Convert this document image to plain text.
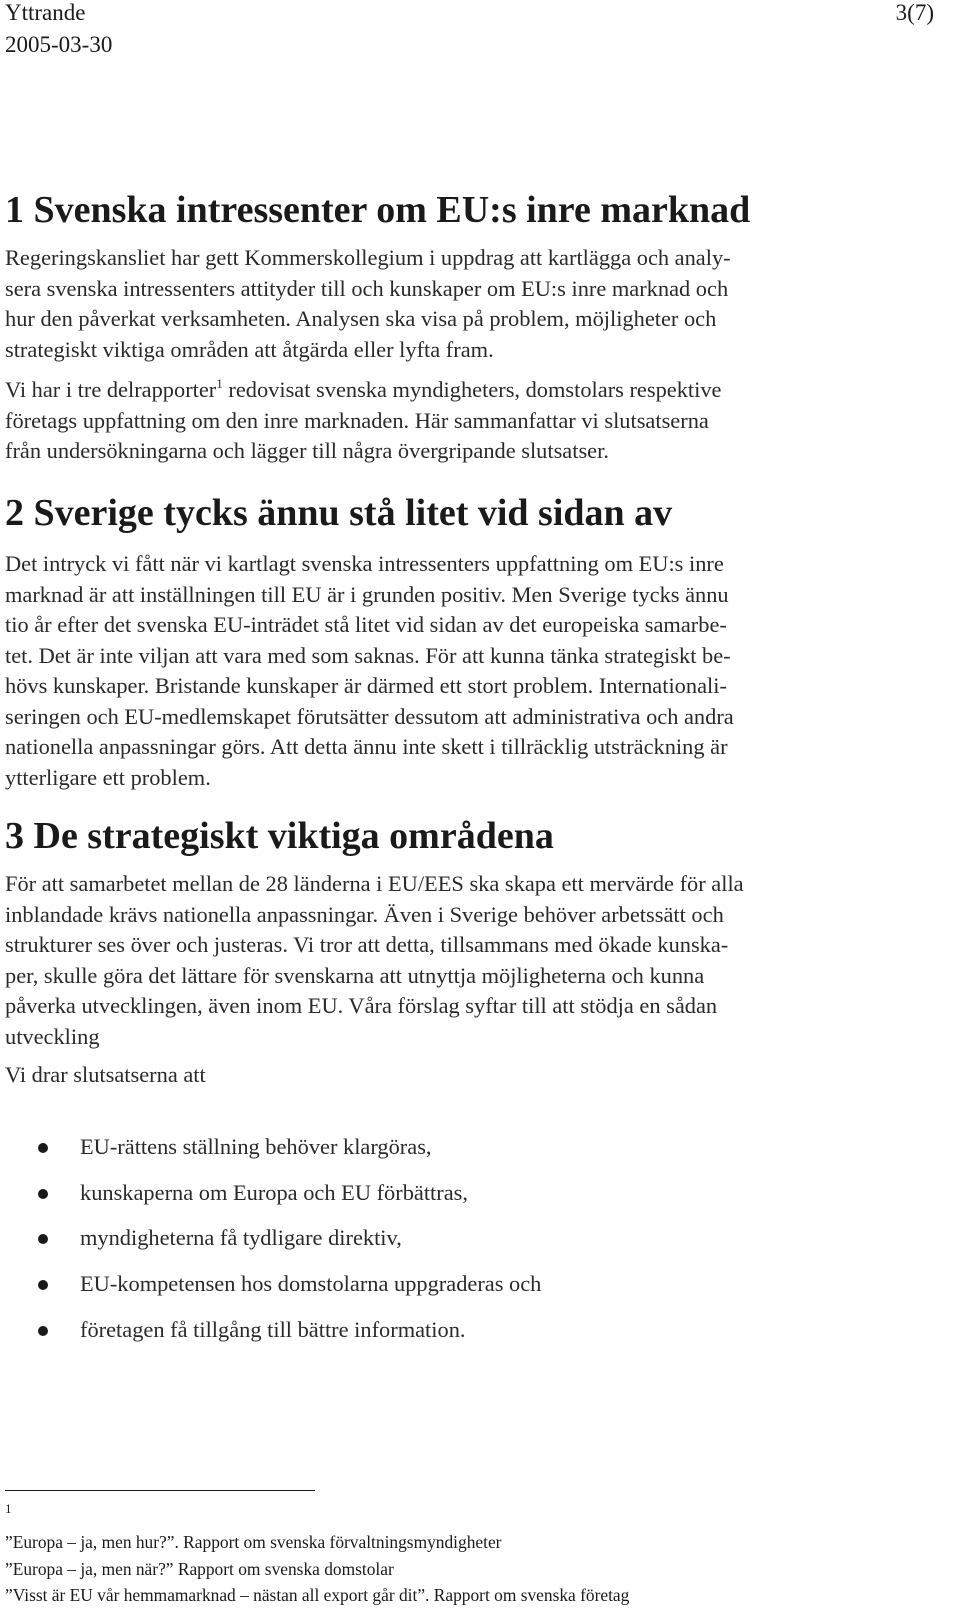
Yttrande
2005-03-30
3(7)
1 Svenska intressenter om EU:s inre marknad

Regeringskansliet har gett Kommerskollegium i uppdrag att kartlägga och analy-
sera svenska intressenters attityder till och kunskaper om EU:s inre marknad och
hur den påverkat verksamheten. Analysen ska visa på problem, möjligheter och
strategiskt viktiga områden att åtgärda eller lyfta fram.

Vi har i tre delrapporter$^1$ redovisat svenska myndigheters, domstolars respektive
företags uppfattning om den inre marknaden. Här sammanfattar vi slutsatserna
från undersökningarna och lägger till några övergripande slutsatser.

2 Sverige tycks ännu stå litet vid sidan av

Det intryck vi fått när vi kartlagt svenska intressenters uppfattning om EU:s inre
marknad är att inställningen till EU är i grunden positiv. Men Sverige tycks ännu
tio år efter det svenska EU-inträdet stå litet vid sidan av det europeiska samarbe-
tet. Det är inte viljan att vara med som saknas. För att kunna tänka strategiskt be-
hövs kunskaper. Bristande kunskaper är därmed ett stort problem. Internationali-
seringen och EU-medlemskapet förutsätter dessutom att administrativa och andra
nationella anpassningar görs. Att detta ännu inte skett i tillräcklig utsträckning är
ytterligare ett problem.

3 De strategiskt viktiga områdena

För att samarbetet mellan de 28 länderna i EU/EES ska skapa ett mervärde för alla
inblandade krävs nationella anpassningar. Även i Sverige behöver arbetssätt och
strukturer ses över och justeras. Vi tror att detta, tillsammans med ökade kunska-
per, skulle göra det lättare för svenskarna att utnyttja möjligheterna och kunna
påverka utvecklingen, även inom EU. Våra förslag syftar till att stödja en sådan
utveckling

Vi drar slutsatserna att

EU-rättens ställning behöver klargöras,
kunskaperna om Europa och EU förbättras,
myndigheterna få tydligare direktiv,
EU-kompetensen hos domstolarna uppgraderas och
företagen få tillgång till bättre information.
1
”Europa – ja, men hur?”. Rapport om svenska förvaltningsmyndigheter
”Europa – ja, men när?” Rapport om svenska domstolar
”Visst är EU vår hemmamarknad – nästan all export går dit”. Rapport om svenska företag
